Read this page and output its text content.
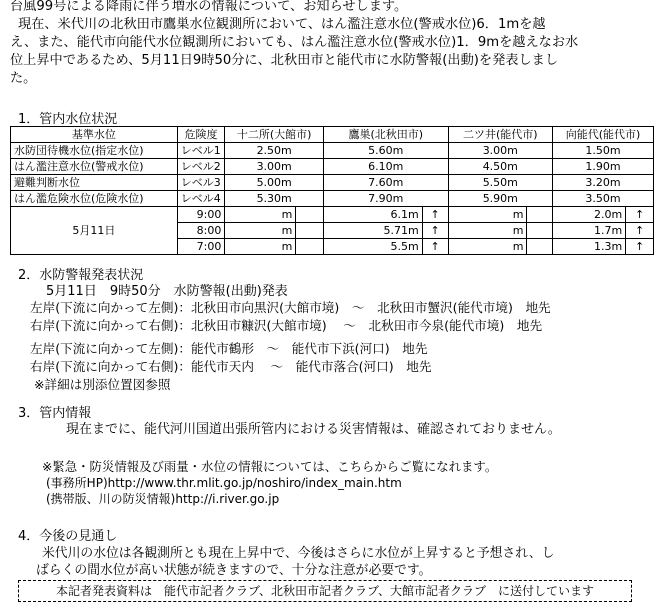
台風99号による降雨に伴う増水の情報について、お知らせします。
現在、米代川の北秋田市鷹巣水位観測所において、はん濫注意水位(警戒水位)6．1mを越
え、また、能代市向能代水位観測所においても、はん濫注意水位(警戒水位)1．9mを越えなお水
位上昇中であるため、5月11日9時50分に、北秋田市と能代市に水防警報(出動)を発表しまし
た。
1．管内水位状況
基準水位	危険度	十二所(大館市)		鷹巣(北秋田市)		二ツ井(能代市)		向能代(能代市)	
水防団待機水位(指定水位)	レベル1	2.50m		5.60m		3.00m		1.50m	
はん濫注意水位(警戒水位)	レベル2	3.00m		6.10m		4.50m		1.90m	
避難判断水位	レベル3	5.00m		7.60m		5.50m		3.20m	
はん濫危険水位(危険水位)	レベル4	5.30m		7.90m		5.90m		3.50m	
5月11日	9:00	m		6.1m	↑	m		2.0m	↑
	8:00	m		5.71m	↑	m		1.7m	↑
	7:00	m		5.5m	↑	m		1.3m	↑
2．水防警報発表状況
5月11日　9時50分　水防警報(出動)発表
左岸(下流に向かって左側)：北秋田市向黒沢(大館市境)　～　北秋田市蟹沢(能代市境)　地先
右岸(下流に向かって右側)：北秋田市糠沢(大館市境)　 ～　北秋田市今泉(能代市境)　地先
左岸(下流に向かって左側)：能代市鶴形　～　能代市下浜(河口)　地先
右岸(下流に向かって右側)：能代市天内　 ～　能代市落合(河口)　地先
※詳細は別添位置図参照
3．管内情報
現在までに、能代河川国道出張所管内における災害情報は、確認されておりません。
※緊急・防災情報及び雨量・水位の情報については、こちらからご覧になれます。
(事務所HP)http://www.thr.mlit.go.jp/noshiro/index_main.htm
(携帯版、川の防災情報)http://i.river.go.jp
4．今後の見通し
米代川の水位は各観測所とも現在上昇中で、今後はさらに水位が上昇すると予想され、し
ばらくの間水位が高い状態が続きますので、十分な注意が必要です。
本記者発表資料は　能代市記者クラブ、北秋田市記者クラブ、大館市記者クラブ　に送付しています
